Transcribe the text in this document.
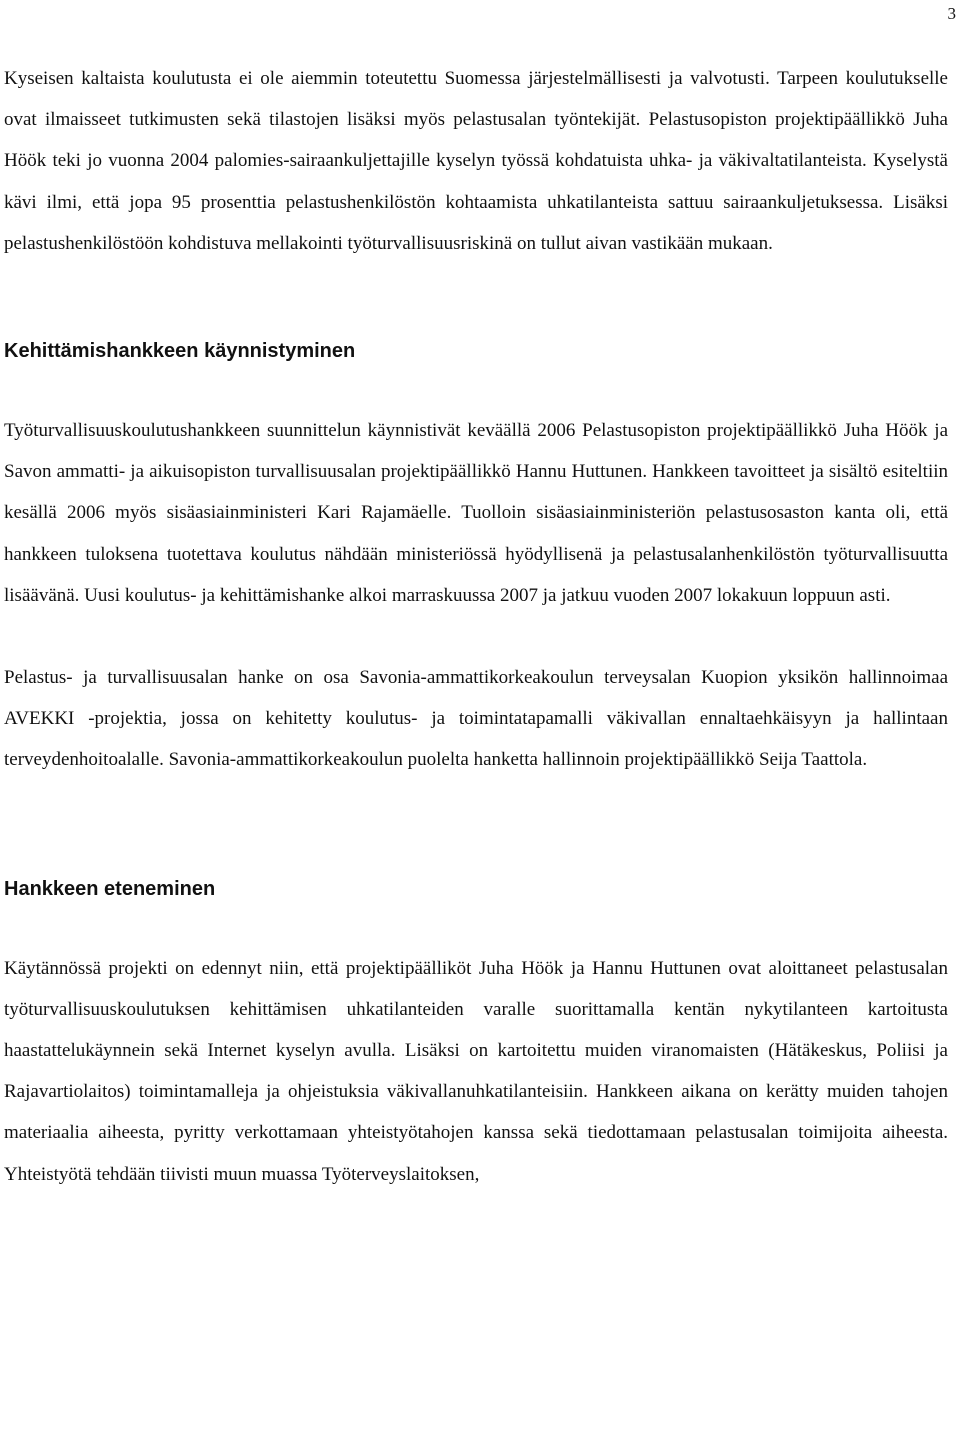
3

Kyseisen kaltaista koulutusta ei ole aiemmin toteutettu Suomessa järjestelmällisesti ja valvotusti. Tarpeen koulutukselle ovat ilmaisseet tutkimusten sekä tilastojen lisäksi myös pelastusalan työntekijät. Pelastusopiston projektipäällikkö Juha Höök teki jo vuonna 2004 palomies-sairaankuljettajille kyselyn työssä kohdatuista uhka- ja väkivaltatilanteista. Kyselystä kävi ilmi, että jopa 95 prosenttia pelastushenkilöstön kohtaamista uhkatilanteista sattuu sairaankuljetuksessa. Lisäksi pelastushenkilöstöön kohdistuva mellakointi työturvallisuusriskinä on tullut aivan vastikään mukaan.

Kehittämishankkeen käynnistyminen

Työturvallisuuskoulutushankkeen suunnittelun käynnistivät keväällä 2006 Pelastusopiston projektipäällikkö Juha Höök ja Savon ammatti- ja aikuisopiston turvallisuusalan projektipäällikkö Hannu Huttunen. Hankkeen tavoitteet ja sisältö esiteltiin kesällä 2006 myös sisäasiainministeri Kari Rajamäelle. Tuolloin sisäasiainministeriön pelastusosaston kanta oli, että hankkeen tuloksena tuotettava koulutus nähdään ministeriössä hyödyllisenä ja pelastusalanhenkilöstön työturvallisuutta lisäävänä. Uusi koulutus- ja kehittämishanke alkoi marraskuussa 2007 ja jatkuu vuoden 2007 lokakuun loppuun asti.

Pelastus- ja turvallisuusalan hanke on osa Savonia-ammattikorkeakoulun terveysalan Kuopion yksikön hallinnoimaa AVEKKI -projektia, jossa on kehitetty koulutus- ja toimintatapamalli väkivallan ennaltaehkäisyyn ja hallintaan terveydenhoitoalalle. Savonia-ammattikorkeakoulun puolelta hanketta hallinnoin projektipäällikkö Seija Taattola.

Hankkeen eteneminen

Käytännössä projekti on edennyt niin, että projektipäälliköt Juha Höök ja Hannu Huttunen ovat aloittaneet pelastusalan työturvallisuuskoulutuksen kehittämisen uhkatilanteiden varalle suorittamalla kentän nykytilanteen kartoitusta haastattelukäynnein sekä Internet kyselyn avulla. Lisäksi on kartoitettu muiden viranomaisten (Hätäkeskus, Poliisi ja Rajavartiolaitos) toimintamalleja ja ohjeistuksia väkivallanuhkatilanteisiin. Hankkeen aikana on kerätty muiden tahojen materiaalia aiheesta, pyritty verkottamaan yhteistyötahojen kanssa sekä tiedottamaan pelastusalan toimijoita aiheesta. Yhteistyötä tehdään tiivisti muun muassa Työterveyslaitoksen,
